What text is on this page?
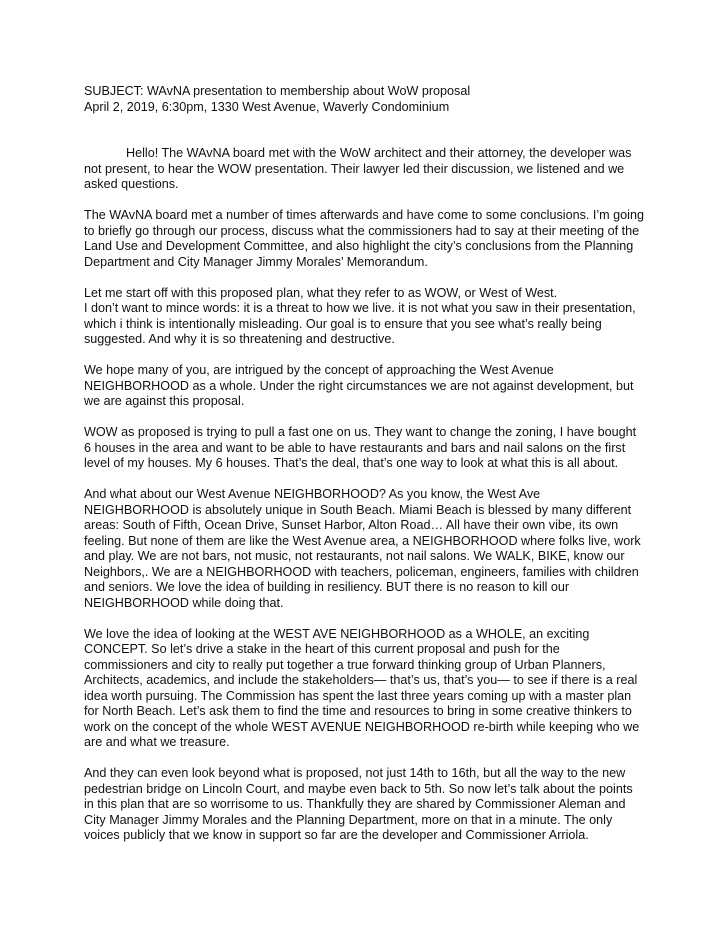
SUBJECT: WAvNA presentation to membership about WoW proposal

April 2, 2019, 6:30pm, 1330 West Avenue, Waverly Condominium

Hello! The WAvNA board met with the WoW architect and their attorney, the developer was not present, to hear the WOW presentation. Their lawyer led their discussion, we listened and we asked questions.

The WAvNA board met a number of times afterwards and have come to some conclusions. I’m going to briefly go through our process, discuss what the commissioners had to say at their meeting of the Land Use and Development Committee, and also highlight the city’s conclusions from the Planning Department and City Manager Jimmy Morales’ Memorandum.

Let me start off with this proposed plan, what they refer to as WOW, or West of West.
I don’t want to mince words: it is a threat to how we live. it is not what you saw in their presentation, which i think is intentionally misleading. Our goal is to ensure that you see what’s really being suggested. And why it is so threatening and destructive.

We hope many of you, are intrigued by the concept of approaching the West Avenue NEIGHBORHOOD as a whole. Under the right circumstances we are not against development, but we are against this proposal.

WOW as proposed is trying to pull a fast one on us. They want to change the zoning, I have bought 6 houses in the area and want to be able to have restaurants and bars and nail salons on the first level of my houses. My 6 houses. That’s the deal, that’s one way to look at what this is all about.

And what about our West Avenue NEIGHBORHOOD? As you know, the West Ave NEIGHBORHOOD is absolutely unique in South Beach. Miami Beach is blessed by many different areas: South of Fifth, Ocean Drive, Sunset Harbor, Alton Road… All have their own vibe, its own feeling. But none of them are like the West Avenue area, a NEIGHBORHOOD where folks live, work and play. We are not bars, not music, not restaurants, not nail salons. We WALK, BIKE, know our Neighbors,. We are a NEIGHBORHOOD with teachers, policeman, engineers, families with children and seniors. We love the idea of building in resiliency. BUT there is no reason to kill our NEIGHBORHOOD while doing that.

We love the idea of looking at the WEST AVE NEIGHBORHOOD as a WHOLE, an exciting CONCEPT. So let’s drive a stake in the heart of this current proposal and push for the commissioners and city to really put together a true forward thinking group of Urban Planners, Architects, academics, and include the stakeholders— that’s us, that’s you— to see if there is a real idea worth pursuing. The Commission has spent the last three years coming up with a master plan for North Beach. Let’s ask them to find the time and resources to bring in some creative thinkers to work on the concept of the whole WEST AVENUE NEIGHBORHOOD re-birth while keeping who we are and what we treasure.

And they can even look beyond what is proposed, not just 14th to 16th, but all the way to the new pedestrian bridge on Lincoln Court, and maybe even back to 5th. So now let’s talk about the points in this plan that are so worrisome to us. Thankfully they are shared by Commissioner Aleman and City Manager Jimmy Morales and the Planning Department, more on that in a minute. The only voices publicly that we know in support so far are the developer and Commissioner Arriola.
